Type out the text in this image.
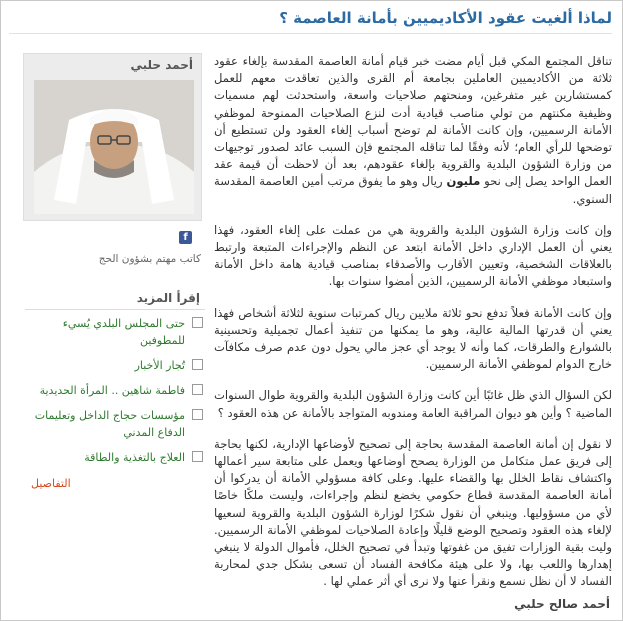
لماذا ألغيت عقود الأكاديميين بأمانة العاصمة ؟

تناقل المجتمع المكي قبل أيام مضت خبر قيام أمانة العاصمة المقدسة بإلغاء عقود ثلاثة من الأكاديميين العاملين بجامعة أم القرى والذين تعاقدت معهم للعمل كمستشارين غير متفرغين، ومنحتهم صلاحيات واسعة، واستحدثت لهم مسميات وظيفية مكنتهم من تولي مناصب قيادية أدت لنزع الصلاحيات الممنوحة لموظفي الأمانة الرسميين، وإن كانت الأمانة لم توضح أسباب إلغاء العقود ولن تستطيع أن توضحها للرأي العام؛ لأنه وفقًا لما تناقله المجتمع فإن السبب عائد لصدور توجيهات من وزارة الشؤون البلدية والقروية بإلغاء عقودهم، بعد أن لاحظت أن قيمة عقد العمل الواحد يصل إلى نحو مليون ريال وهو ما يفوق مرتب أمين العاصمة المقدسة السنوي.

وإن كانت وزارة الشؤون البلدية والقروية هي من عملت على إلغاء العقود، فهذا يعني أن العمل الإداري داخل الأمانة ابتعد عن النظم والإجراءات المتبعة وارتبط بالعلاقات الشخصية، وتعيين الأقارب والأصدقاء بمناصب قيادية هامة داخل الأمانة واستبعاد موظفي الأمانة الرسميين، الذين أمضوا سنوات بها.

وإن كانت الأمانة فعلاً تدفع نحو ثلاثة ملايين ريال كمرتبات سنوية لثلاثة أشخاص فهذا يعني أن قدرتها المالية عالية، وهو ما يمكنها من تنفيذ أعمال تجميلية وتحسينية بالشوارع والطرقات، كما وأنه لا يوجد أي عجز مالي يحول دون عدم صرف مكافآت خارج الدوام لموظفي الأمانة الرسميين.

لكن السؤال الذي ظل غائبًا أين كانت وزارة الشؤون البلدية والقروية طوال السنوات الماضية ؟ وأين هو ديوان المراقبة العامة ومندوبه المتواجد بالأمانة عن هذه العقود ؟

لا نقول إن أمانة العاصمة المقدسة بحاجة إلى تصحيح لأوضاعها الإدارية، لكنها بحاجة إلى فريق عمل متكامل من الوزارة يصحح أوضاعها ويعمل على متابعة سير أعمالها واكتشاف نقاط الخلل بها والقضاء عليها. وعلى كافة مسؤولي الأمانة أن يدركوا أن أمانة العاصمة المقدسة قطاع حكومي يخضع لنظم وإجراءات، وليست ملكًا خاصًا لأي من مسؤوليها. وينبغي أن نقول شكرًا لوزارة الشؤون البلدية والقروية لسعيها لإلغاء هذه العقود وتصحيح الوضع قليلًا وإعادة الصلاحيات لموظفي الأمانة الرسميين. وليت بقية الوزارات تفيق من غفوتها وتبدأ في تصحيح الخلل، فأموال الدولة لا ينبغي إهدارها واللعب بها، ولا على هيئة مكافحة الفساد أن تسعى بشكل جدي لمحاربة الفساد لا أن نظل نسمع ونقرأ عنها ولا نرى أي أثر عملي لها .

أحمد صالح حلبي
أحمد حلبي
f
كاتب مهتم بشؤون الحج
إقرأ المزيد
حتى المجلس البلدي يُسيء للمطوفين
تُجار الأخبار
فاطمة شاهين .. المرأة الحديدية
مؤسسات حجاج الداخل وتعليمات الدفاع المدني
العلاج بالتغذية والطاقة
التفاصيل
